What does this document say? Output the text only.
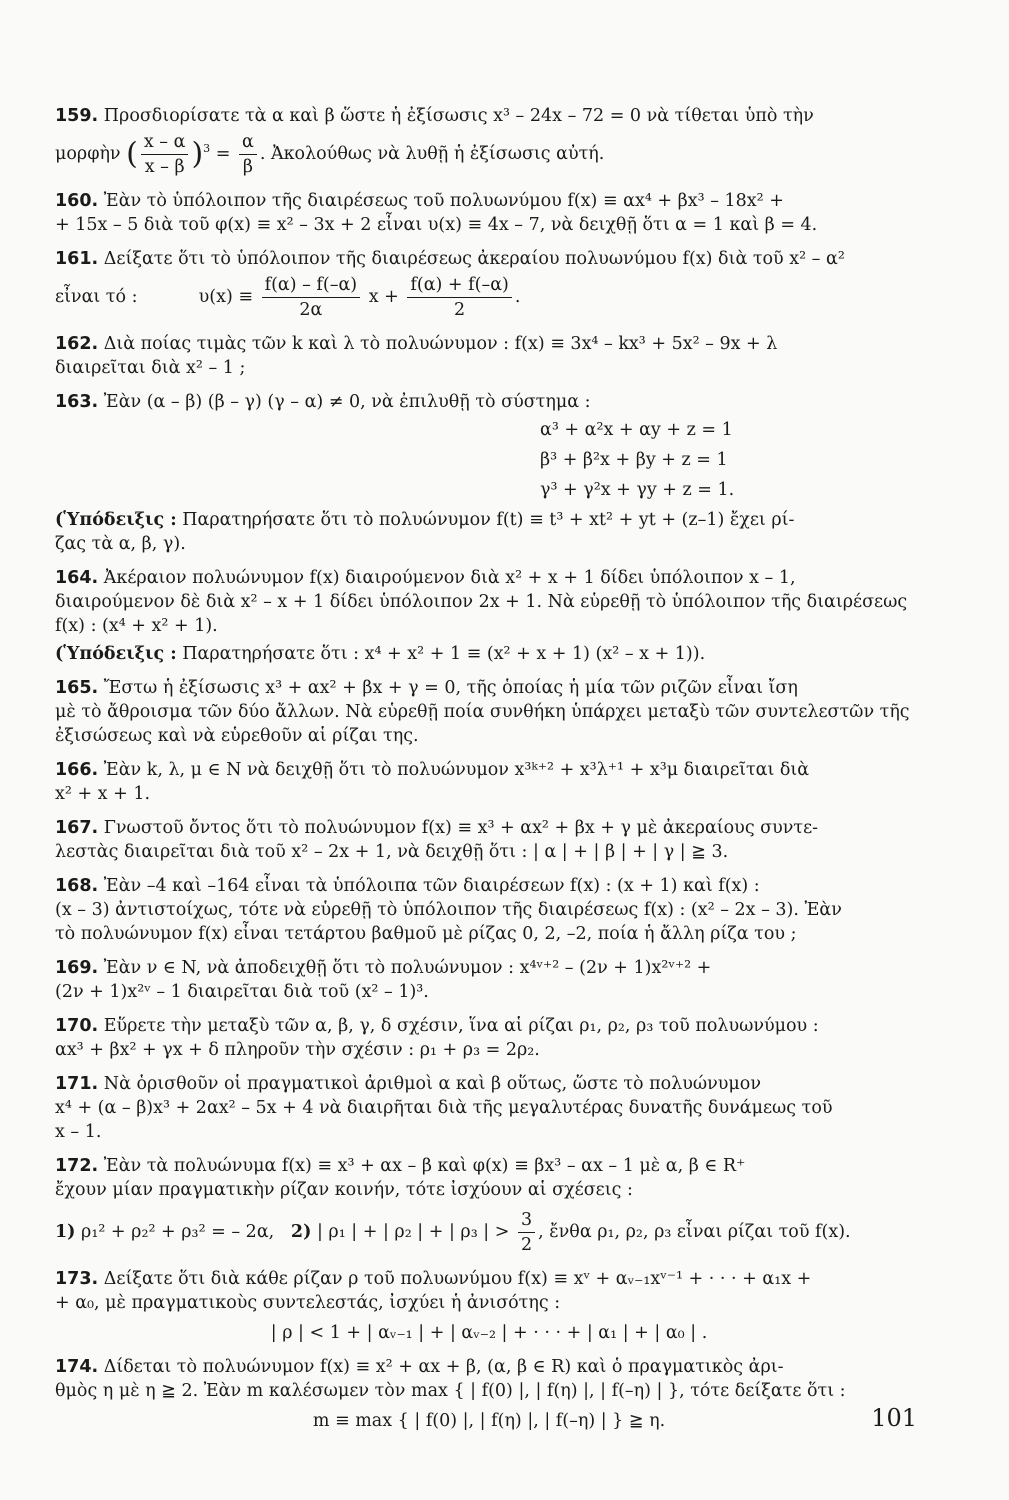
159. Προσδιορίσατε τὰ α καὶ β ὥστε ἡ ἐξίσωσις x³ – 24x – 72 = 0 νὰ τίθεται ὑπὸ τὴν

μορφὴν ( $\frac{x - \alpha}{x - \beta} )^3 = \frac{\alpha}{\beta}$ . Ἀκολούθως νὰ λυθῇ ἡ ἐξίσωσις αὐτή.

160. Ἐὰν τὸ ὑπόλοιπον τῆς διαιρέσεως τοῦ πολυωνύμου f(x) ≡ αx⁴ + βx³ – 18x² +
+ 15x – 5 διὰ τοῦ φ(x) ≡ x² – 3x + 2 εἶναι υ(x) ≡ 4x – 7, νὰ δειχθῇ ὅτι α = 1 καὶ β = 4.

161. Δείξατε ὅτι τὸ ὑπόλοιπον τῆς διαιρέσεως ἀκεραίου πολυωνύμου f(x) διὰ τοῦ x² – α²

εἶναι τό :	$\upsilon(x) \equiv \frac{f(\alpha) - f(-\alpha)}{2\alpha}$ $x + \frac{f(\alpha) + f(-\alpha)}{2}$ .

162. Διὰ ποίας τιμὰς τῶν k καὶ λ τὸ πολυώνυμον : f(x) ≡ 3x⁴ – kx³ + 5x² – 9x + λ
διαιρεῖται διὰ x² – 1 ;

163. Ἐὰν (α – β) (β – γ) (γ – α) ≠ 0, νὰ ἐπιλυθῇ τὸ σύστημα :

α³ + α²x + αy + z = 1
β³ + β²x + βy + z = 1
γ³ + γ²x + γy + z = 1.

(Ὑπόδειξις : Παρατηρήσατε ὅτι τὸ πολυώνυμον f(t) ≡ t³ + xt² + yt + (z–1) ἔχει ρί-
ζας τὰ α, β, γ).

164. Ἀκέραιον πολυώνυμον f(x) διαιρούμενον διὰ x² + x + 1 δίδει ὑπόλοιπον x – 1,
διαιρούμενον δὲ διὰ x² – x + 1 δίδει ὑπόλοιπον 2x + 1. Νὰ εὑρεθῇ τὸ ὑπόλοιπον τῆς διαιρέσεως
f(x) : (x⁴ + x² + 1).

(Ὑπόδειξις : Παρατηρήσατε ὅτι : x⁴ + x² + 1 ≡ (x² + x + 1) (x² – x + 1)).

165. Ἔστω ἡ ἐξίσωσις x³ + αx² + βx + γ = 0, τῆς ὁποίας ἡ μία τῶν ριζῶν εἶναι ἴση
μὲ τὸ ἄθροισμα τῶν δύο ἄλλων. Νὰ εὑρεθῇ ποία συνθήκη ὑπάρχει μεταξὺ τῶν συντελεστῶν τῆς
ἐξισώσεως καὶ νὰ εὑρεθοῦν αἱ ρίζαι της.

166. Ἐὰν k, λ, μ ∈ N νὰ δειχθῇ ὅτι τὸ πολυώνυμον x³ᵏ⁺² + x³λ⁺¹ + x³μ διαιρεῖται διὰ
x² + x + 1.

167. Γνωστοῦ ὄντος ὅτι τὸ πολυώνυμον f(x) ≡ x³ + αx² + βx + γ μὲ ἀκεραίους συντε-
λεστὰς διαιρεῖται διὰ τοῦ x² – 2x + 1, νὰ δειχθῇ ὅτι : | α | + | β | + | γ | ≧ 3.

168. Ἐὰν –4 καὶ –164 εἶναι τὰ ὑπόλοιπα τῶν διαιρέσεων f(x) : (x + 1) καὶ f(x) :
(x – 3) ἀντιστοίχως, τότε νὰ εὑρεθῇ τὸ ὑπόλοιπον τῆς διαιρέσεως f(x) : (x² – 2x – 3). Ἐὰν
τὸ πολυώνυμον f(x) εἶναι τετάρτου βαθμοῦ μὲ ρίζας 0, 2, –2, ποία ἡ ἄλλη ρίζα του ;

169. Ἐὰν ν ∈ N, νὰ ἀποδειχθῇ ὅτι τὸ πολυώνυμον : x⁴ᵛ⁺² – (2ν + 1)x²ᵛ⁺² +
(2ν + 1)x²ᵛ – 1 διαιρεῖται διὰ τοῦ (x² – 1)³.

170. Εὕρετε τὴν μεταξὺ τῶν α, β, γ, δ σχέσιν, ἵνα αἱ ρίζαι ρ₁, ρ₂, ρ₃ τοῦ πολυωνύμου :
αx³ + βx² + γx + δ πληροῦν τὴν σχέσιν : ρ₁ + ρ₃ = 2ρ₂.

171. Νὰ ὁρισθοῦν οἱ πραγματικοὶ ἀριθμοὶ α καὶ β οὕτως, ὥστε τὸ πολυώνυμον
x⁴ + (α – β)x³ + 2αx² – 5x + 4 νὰ διαιρῆται διὰ τῆς μεγαλυτέρας δυνατῆς δυνάμεως τοῦ
x – 1.

172. Ἐὰν τὰ πολυώνυμα f(x) ≡ x³ + αx – β καὶ φ(x) ≡ βx³ – αx – 1 μὲ α, β ∈ R⁺
ἔχουν μίαν πραγματικὴν ρίζαν κοινήν, τότε ἰσχύουν αἱ σχέσεις :

1) ρ₁² + ρ₂² + ρ₃² = – 2α, 2) | ρ₁ | + | ρ₂ | + | ρ₃ | > $\frac{3}{2}$ , ἔνθα ρ₁, ρ₂, ρ₃ εἶναι ρίζαι τοῦ f(x).

173. Δείξατε ὅτι διὰ κάθε ρίζαν ρ τοῦ πολυωνύμου f(x) ≡ xᵛ + αᵥ₋₁xᵛ⁻¹ + · · · + α₁x +
+ α₀, μὲ πραγματικοὺς συντελεστάς, ἰσχύει ἡ ἀνισότης :

| ρ | < 1 + | αᵥ₋₁ | + | αᵥ₋₂ | + · · · + | α₁ | + | α₀ | .

174. Δίδεται τὸ πολυώνυμον f(x) ≡ x² + αx + β, (α, β ∈ R) καὶ ὁ πραγματικὸς ἀρι-
θμὸς η μὲ η ≧ 2. Ἐὰν m καλέσωμεν τὸν max { | f(0) |, | f(η) |, | f(–η) | }, τότε δείξατε ὅτι :

m ≡ max { | f(0) |, | f(η) |, | f(–η) | } ≧ η.	101
